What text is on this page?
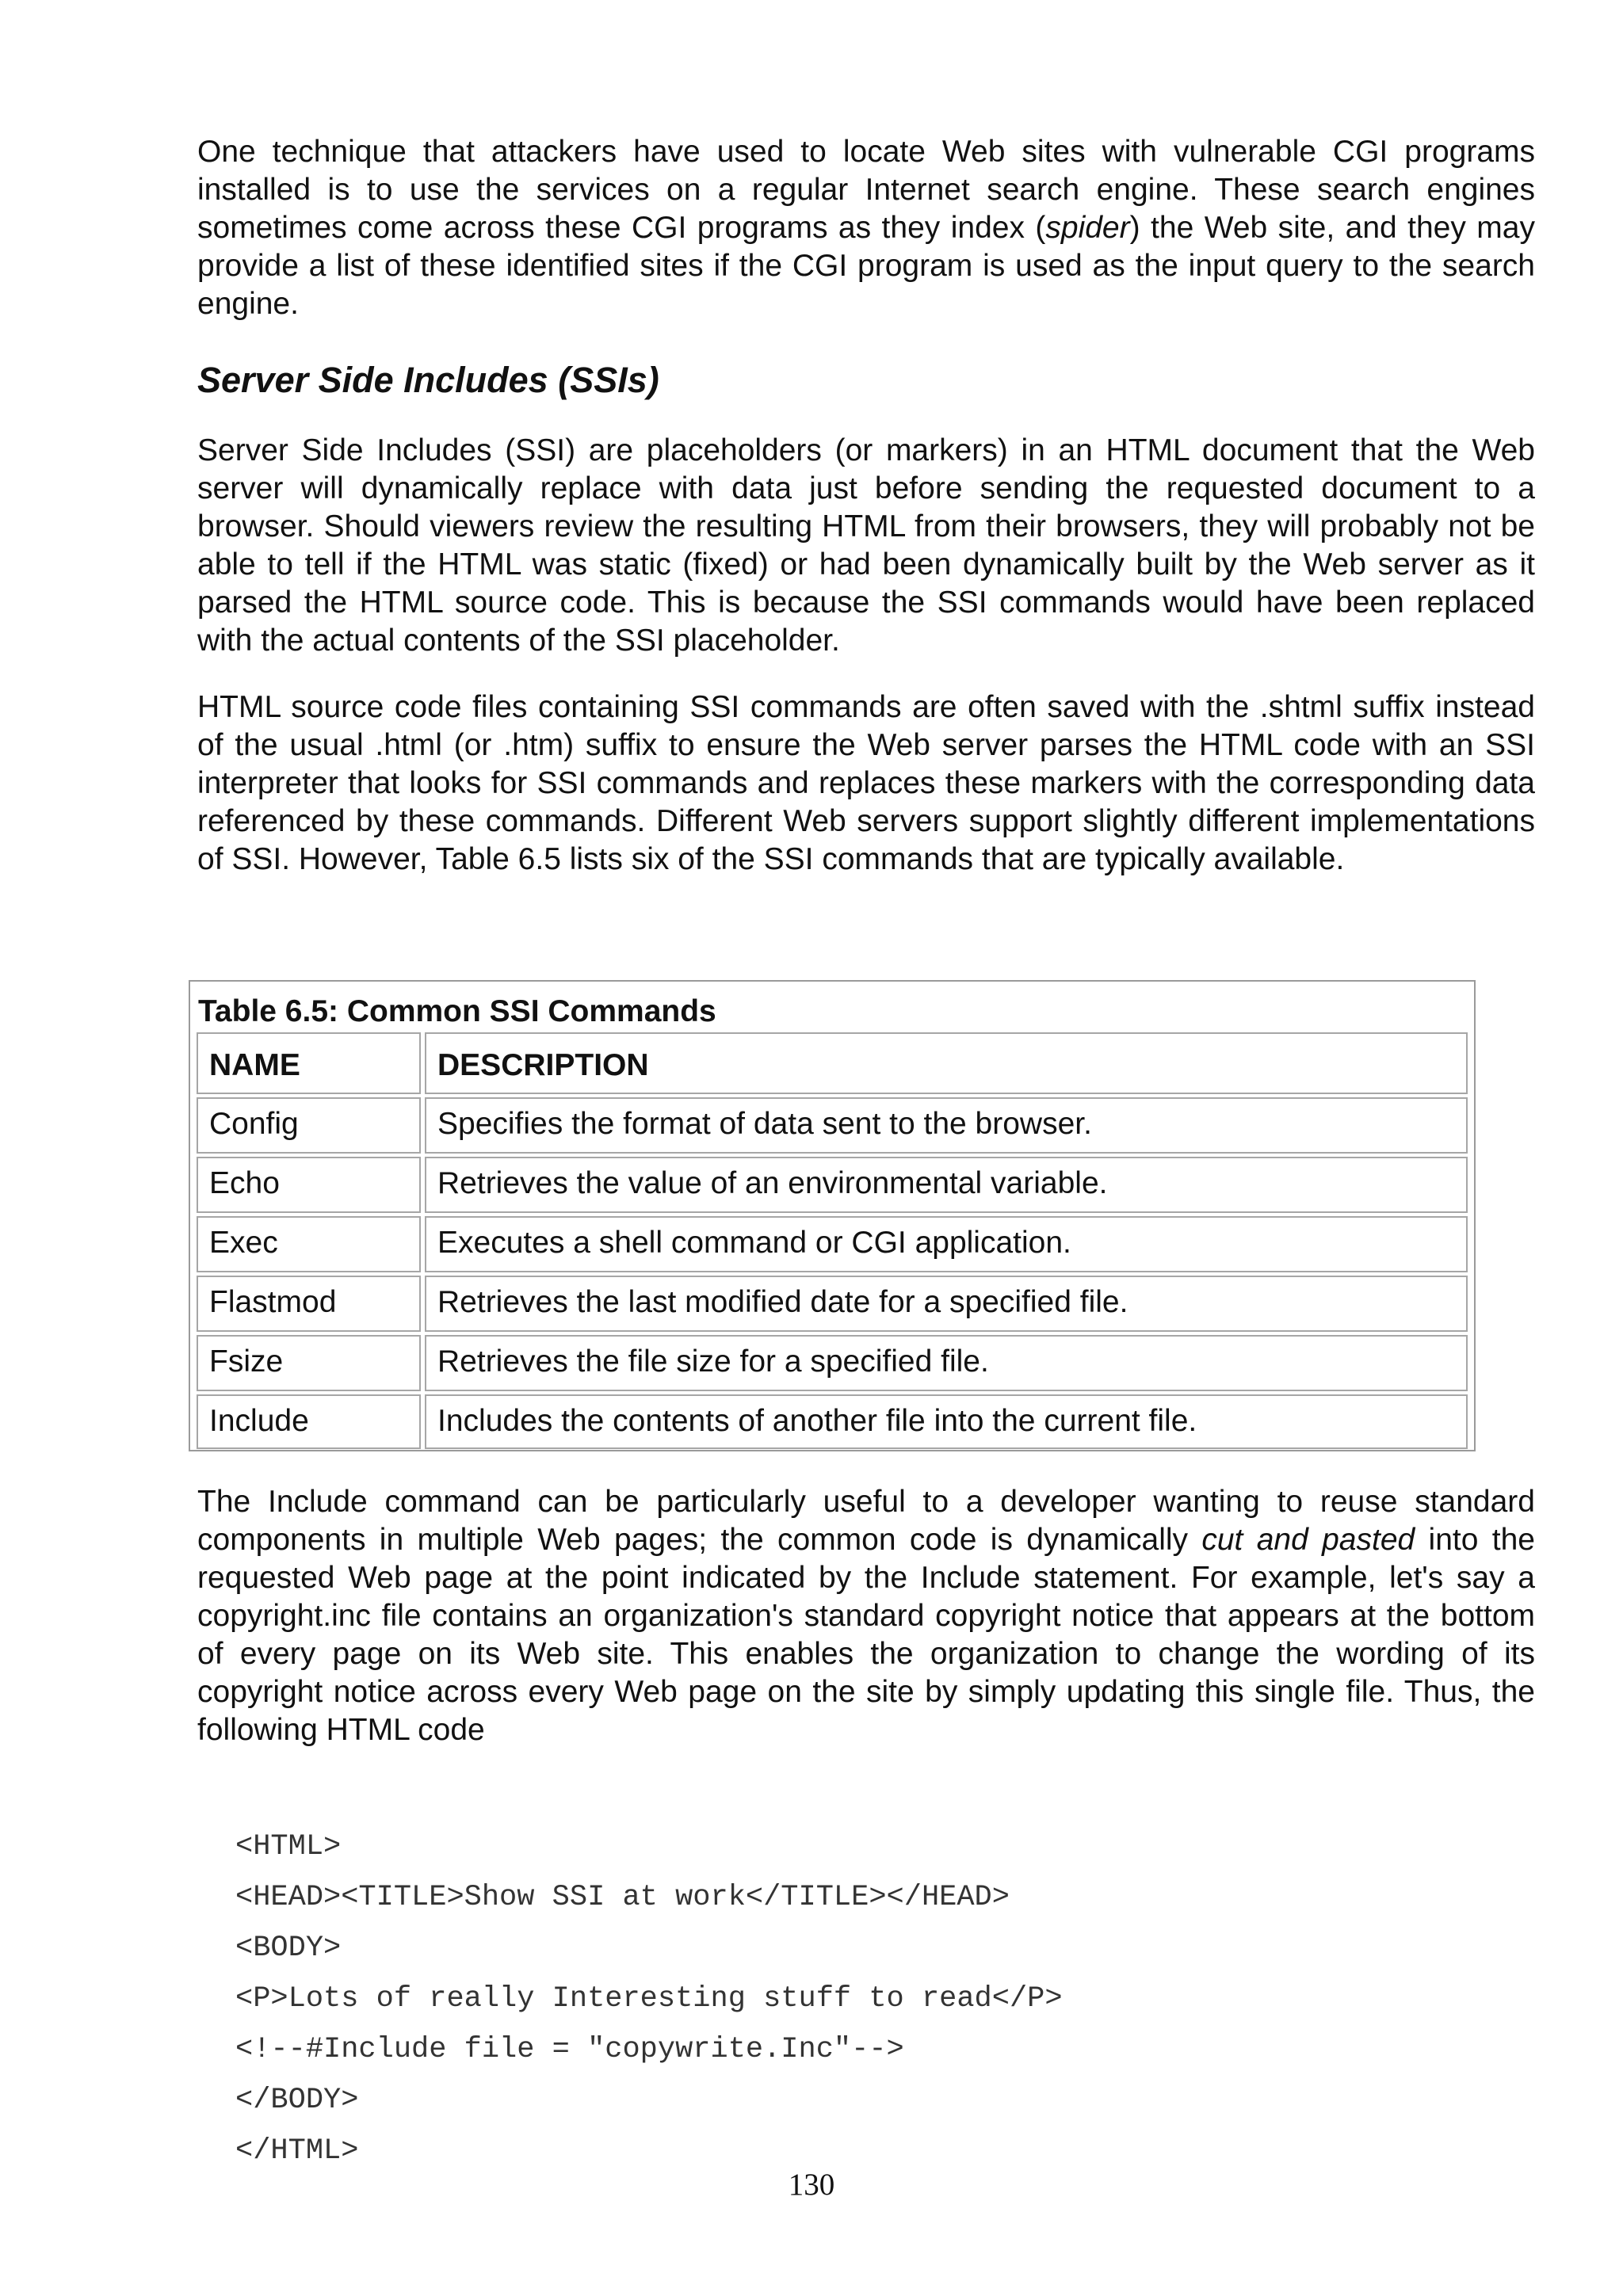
One technique that attackers have used to locate Web sites with vulnerable CGI programs installed is to use the services on a regular Internet search engine. These search engines sometimes come across these CGI programs as they index (spider) the Web site, and they may provide a list of these identified sites if the CGI program is used as the input query to the search engine.

Server Side Includes (SSIs)

Server Side Includes (SSI) are placeholders (or markers) in an HTML document that the Web server will dynamically replace with data just before sending the requested document to a browser. Should viewers review the resulting HTML from their browsers, they will probably not be able to tell if the HTML was static (fixed) or had been dynamically built by the Web server as it parsed the HTML source code. This is because the SSI commands would have been replaced with the actual contents of the SSI placeholder.

HTML source code files containing SSI commands are often saved with the .shtml suffix instead of the usual .html (or .htm) suffix to ensure the Web server parses the HTML code with an SSI interpreter that looks for SSI commands and replaces these markers with the corresponding data referenced by these commands. Different Web servers support slightly different implementations of SSI. However, Table 6.5 lists six of the SSI commands that are typically available.

Table 6.5: Common SSI Commands

NAME	DESCRIPTION
Config	Specifies the format of data sent to the browser.
Echo	Retrieves the value of an environmental variable.
Exec	Executes a shell command or CGI application.
Flastmod	Retrieves the last modified date for a specified file.
Fsize	Retrieves the file size for a specified file.
Include	Includes the contents of another file into the current file.

The Include command can be particularly useful to a developer wanting to reuse standard components in multiple Web pages; the common code is dynamically cut and pasted into the requested Web page at the point indicated by the Include statement. For example, let's say a copyright.inc file contains an organization's standard copyright notice that appears at the bottom of every page on its Web site. This enables the organization to change the wording of its copyright notice across every Web page on the site by simply updating this single file. Thus, the following HTML code

<HTML>
<HEAD><TITLE>Show SSI at work</TITLE></HEAD>
<BODY>
<P>Lots of really Interesting stuff to read</P>
<!--#Include file = "copywrite.Inc"-->
</BODY>
</HTML>
130
